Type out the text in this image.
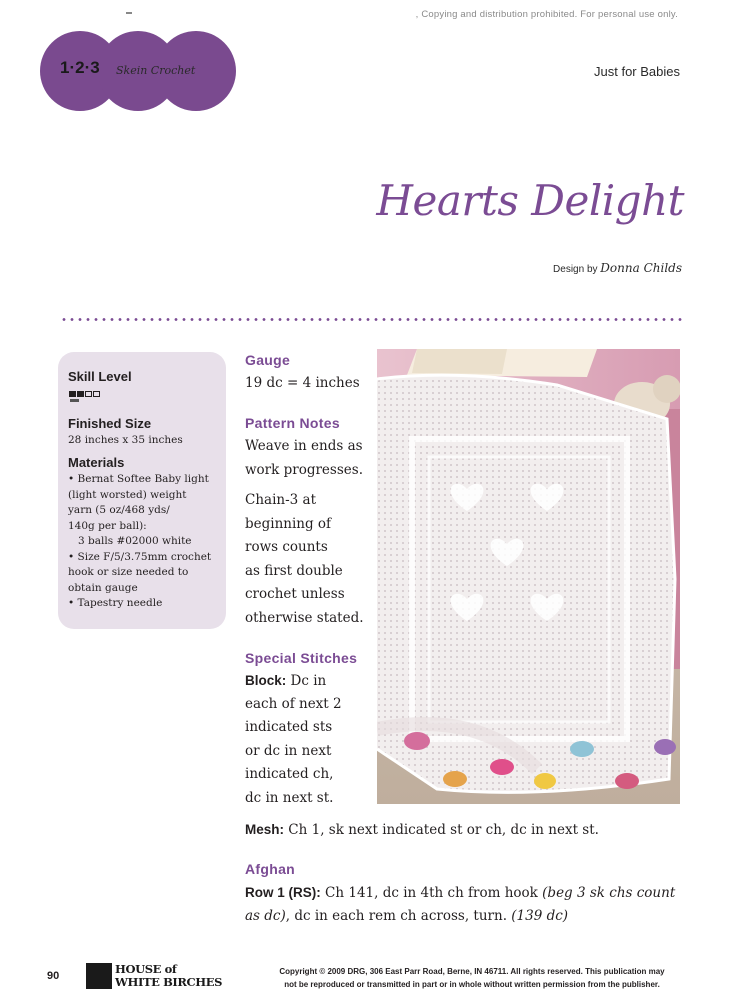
, Copying and distribution prohibited. For personal use only.
1·2·3 Skein Crochet	Just for Babies
Hearts Delight
Design by Donna Childs
Skill Level
Finished Size
28 inches x 35 inches
Materials
• Bernat Softee Baby light
(light worsted) weight
yarn (5 oz/468 yds/
140g per ball):
3 balls #02000 white
• Size F/5/3.75mm crochet
hook or size needed to
obtain gauge
• Tapestry needle
Gauge
19 dc = 4 inches
Pattern Notes
Weave in ends as
work progresses.
Chain-3 at
beginning of
rows counts
as first double
crochet unless
otherwise stated.
Special Stitches
Block: Dc in
each of next 2
indicated sts
or dc in next
indicated ch,
dc in next st.
Mesh: Ch 1, sk next indicated st or ch, dc in next st.
Afghan
Row 1 (RS): Ch 141, dc in 4th ch from hook (beg 3 sk chs count
as dc), dc in each rem ch across, turn. (139 dc)
90	HOUSE of
WHITE BIRCHES
Copyright © 2009 DRG, 306 East Parr Road, Berne, IN 46711. All rights reserved. This publication may
not be reproduced or transmitted in part or in whole without written permission from the publisher.
